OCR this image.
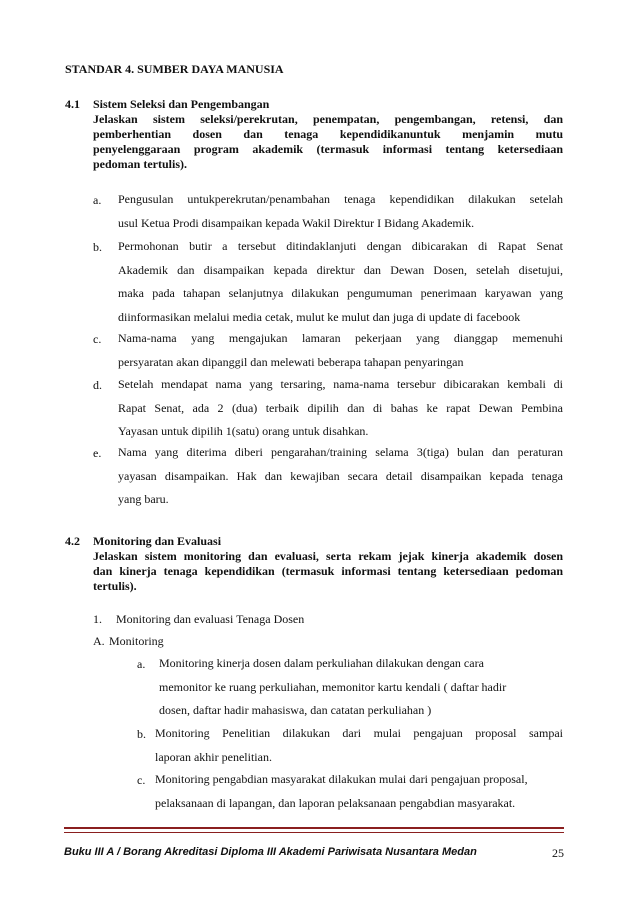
STANDAR 4. SUMBER DAYA MANUSIA
4.1 Sistem Seleksi dan Pengembangan
Jelaskan sistem seleksi/perekrutan, penempatan, pengembangan, retensi, dan
pemberhentian dosen dan tenaga kependidikanuntuk menjamin mutu
penyelenggaraan program akademik (termasuk informasi tentang ketersediaan
pedoman tertulis).
a. Pengusulan untukperekrutan/penambahan tenaga kependidikan dilakukan setelah
usul Ketua Prodi disampaikan kepada Wakil Direktur I Bidang Akademik.
b. Permohonan butir a tersebut ditindaklanjuti dengan dibicarakan di Rapat Senat
Akademik dan disampaikan kepada direktur dan Dewan Dosen, setelah disetujui,
maka pada tahapan selanjutnya dilakukan pengumuman penerimaan karyawan yang
diinformasikan melalui media cetak, mulut ke mulut dan juga di update di facebook
c. Nama-nama yang mengajukan lamaran pekerjaan yang dianggap memenuhi
persyaratan akan dipanggil dan melewati beberapa tahapan penyaringan
d. Setelah mendapat nama yang tersaring, nama-nama tersebur dibicarakan kembali di
Rapat Senat, ada 2 (dua) terbaik dipilih dan di bahas ke rapat Dewan Pembina
Yayasan untuk dipilih 1(satu) orang untuk disahkan.
e. Nama yang diterima diberi pengarahan/training selama 3(tiga) bulan dan peraturan
yayasan disampaikan. Hak dan kewajiban secara detail disampaikan kepada tenaga
yang baru.
4.2 Monitoring dan Evaluasi
Jelaskan sistem monitoring dan evaluasi, serta rekam jejak kinerja akademik dosen
dan kinerja tenaga kependidikan (termasuk informasi tentang ketersediaan pedoman
tertulis).
1. Monitoring dan evaluasi Tenaga Dosen
A. Monitoring
a. Monitoring kinerja dosen dalam perkuliahan dilakukan dengan cara
memonitor ke ruang perkuliahan, memonitor kartu kendali ( daftar hadir
dosen, daftar hadir mahasiswa, dan catatan perkuliahan )
b. Monitoring Penelitian dilakukan dari mulai pengajuan proposal sampai
laporan akhir penelitian.
c. Monitoring pengabdian masyarakat dilakukan mulai dari pengajuan proposal,
pelaksanaan di lapangan, dan laporan pelaksanaan pengabdian masyarakat.
Buku III A / Borang Akreditasi Diploma III Akademi Pariwisata Nusantara Medan	25
